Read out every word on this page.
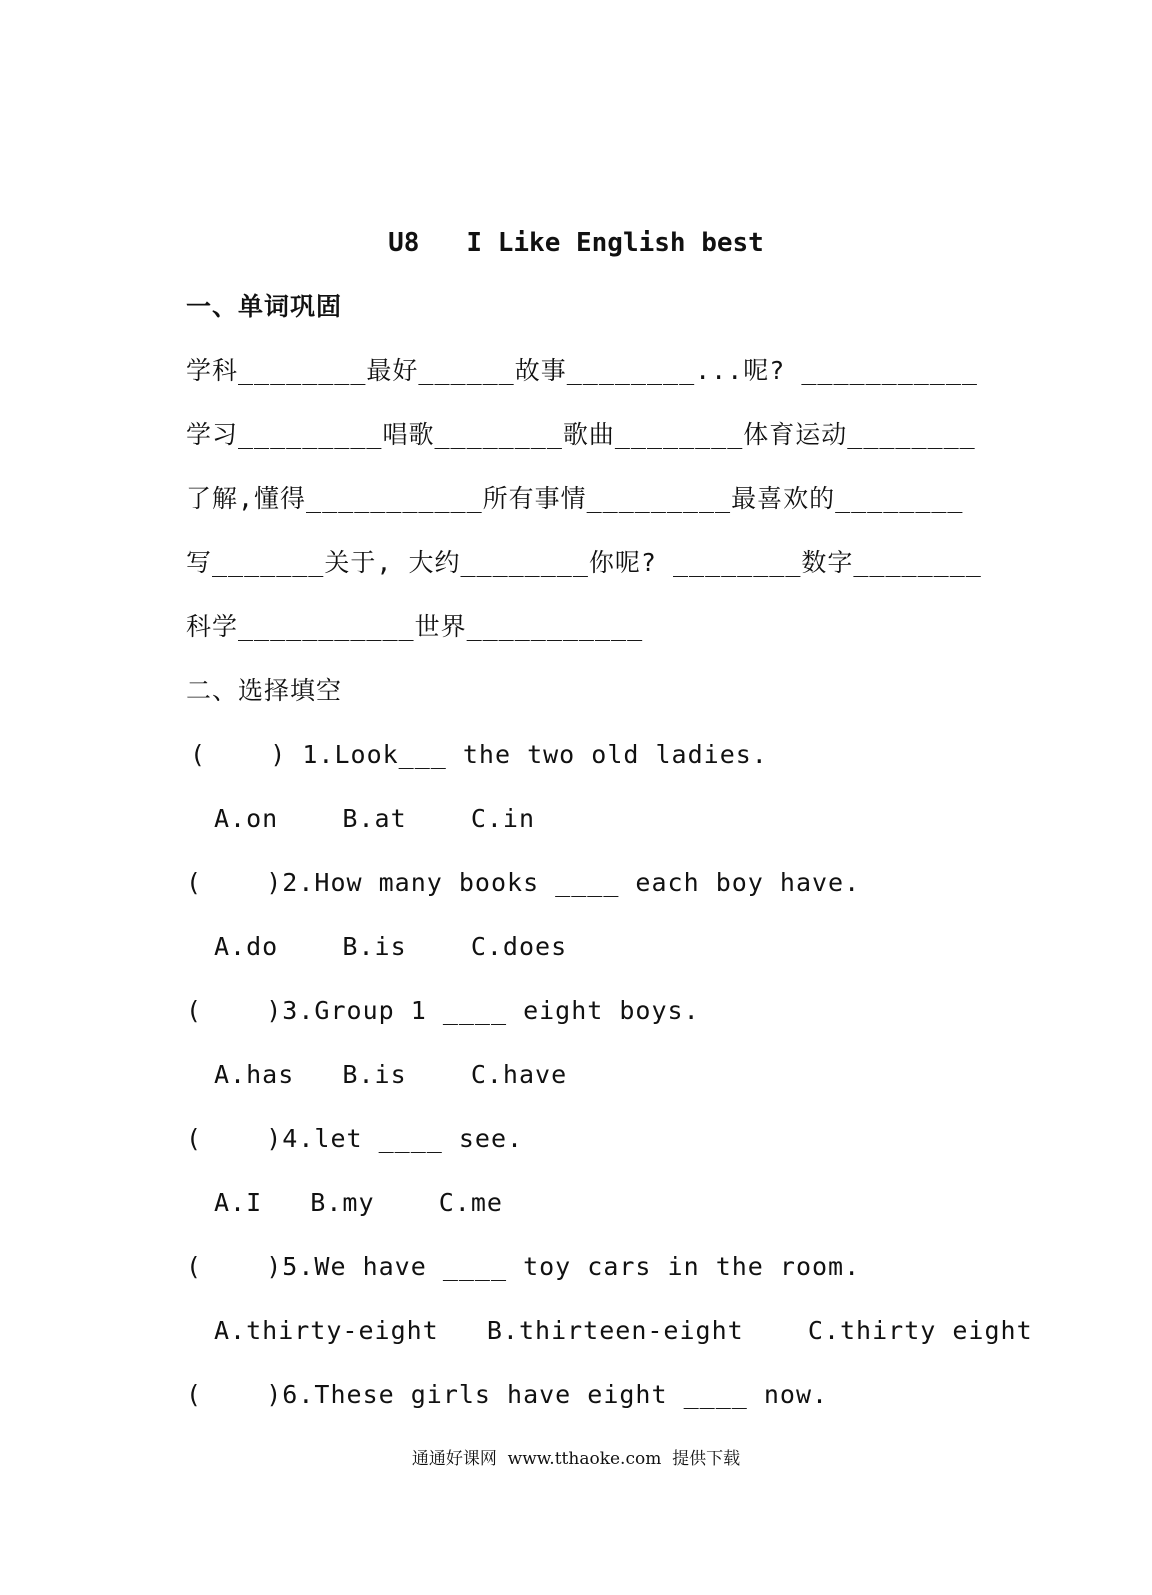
U8   I Like English best
一、单词巩固
学科________最好______故事________...呢? ___________
学习_________唱歌________歌曲________体育运动________
了解,懂得___________所有事情_________最喜欢的________
写_______关于, 大约________你呢? ________数字________
科学___________世界___________
二、选择填空
(    ) 1.Look___ the two old ladies.
A.on    B.at    C.in
(    )2.How many books ____ each boy have.
A.do    B.is    C.does
(    )3.Group 1 ____ eight boys.
A.has   B.is    C.have
(    )4.let ____ see.
A.I   B.my    C.me
(    )5.We have ____ toy cars in the room.
A.thirty-eight   B.thirteen-eight    C.thirty eight
(    )6.These girls have eight ____ now.
通通好课网  www.tthaoke.com  提供下载
